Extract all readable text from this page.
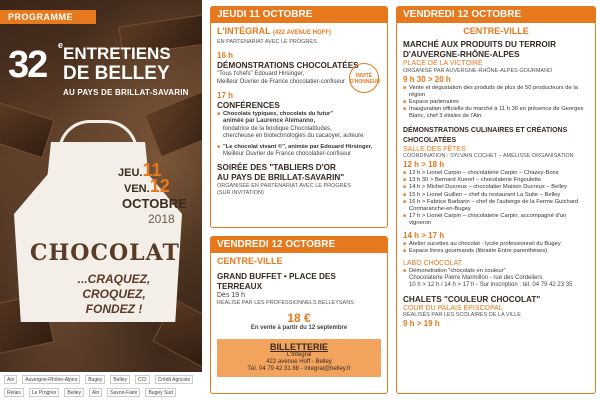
PROGRAMME
32 e ENTRETIENS
DE BELLEY
AU PAYS DE BRILLAT-SAVARIN
JEU.11
VEN.12
OCTOBRE
2018
CHOCOLAT
...CRAQUEZ,
CROQUEZ,
FONDEZ !
Ain	Auvergne-Rhône-Alpes	Bugey	Belley	CCI	Crédit Agricole
Relais	Le Progrès	Belley	Ain	Savoir-Faire	Bugey Sud
JEUDI 11 OCTOBRE
L'INTÉGRAL (422 AVENUE HOFF)
EN PARTENARIAT AVEC LE PROGRÈS
16 h
DÉMONSTRATIONS CHOCOLATÉES
"Tous t'chefs" Edouard Hirsinger,
Meilleur Ouvrier de France chocolatier-confiseur
17 h
CONFÉRENCES
■ Chocolats typiques, chocolats du futur"
animée par Laurence Alemanno,
fondatrice de la boutique Chocolatitudes,
chercheuse en biotechnologies du cacaoyer, auteure
■ "Le chocolat vivant ©", animée par Edouard Hirsinger,
Meilleur Ouvrier de France chocolatier-confiseur
SOIRÉE DES "TABLIERS D'OR
AU PAYS DE BRILLAT-SAVARIN"
ORGANISÉE EN PARTENARIAT AVEC LE PROGRÈS
(SUR INVITATION)
INVITÉ D'HONNEUR
VENDREDI 12 OCTOBRE
CENTRE-VILLE
GRAND BUFFET • PLACE DES TERREAUX
Dès 19 h
RÉALISÉ PAR LES PROFESSIONNELS BELLEYSANS
18 €
En vente à partir du 12 septembre
BILLETTERIE
L'Intégral
422 avenue Hoff - Belley
Tél. 04 79 42 31 88 - integral@belley.fr
VENDREDI 12 OCTOBRE
CENTRE-VILLE
MARCHÉ AUX PRODUITS DU TERROIR
D'AUVERGNE-RHÔNE-ALPES
PLACE DE LA VICTOIRE
ORGANISÉ PAR AUVERGNE-RHÔNE-ALPES GOURMAND
9 h 30 > 20 h
■ Vente et dégustation des produits de plus de 50 producteurs de la région
■ Espace partenaires
■ Inauguration officielle du marché à 11 h 30 en présence de Georges Blanc, chef 3 étoiles de l'Ain
DÉMONSTRATIONS CULINAIRES ET CRÉATIONS CHOCOLATÉES
SALLE DES FÊTES
COORDINATION : SYLVAIN COCHET – AMÉLISSE ORGANISATION
12 h > 18 h
■ 12 h > Lionel Carpin – chocolaterie Carpin – Chazey-Bons
■ 13 h 30 > Bernard Xueref – chocolaterie Frigoulette
■ 14 h > Michel Ducreux – chocolatier Maison Ducreux – Belley
■ 15 h > Lionel Guillen – chef du restaurant La Suite – Belley
■ 16 h > Fabrice Barbarin – chef de l'auberge de la Ferme Guichard Cormaranche-en-Bugey
■ 17 h > Lionel Carpin – chocolaterie Carpin, accompagné d'un vigneron
14 h > 17 h
■ Atelier sucettes au chocolat - lycée professionnel du Bugey
■ Espace livres gourmands (librairie Entre parenthèses)
LABO CHOCOLAT
■ Démonstration "chocolats en couleur"
Chocolaterie Pierre Marmillon - rue des Cordeliers
10 h > 12 h / 14 h > 17 h - Sur inscription : tél. 04 79 42 23 35
CHALETS "COULEUR CHOCOLAT"
COUR DU PALAIS ÉPISCOPAL
RÉALISÉS PAR LES SCOLAIRES DE LA VILLE
9 h > 19 h
